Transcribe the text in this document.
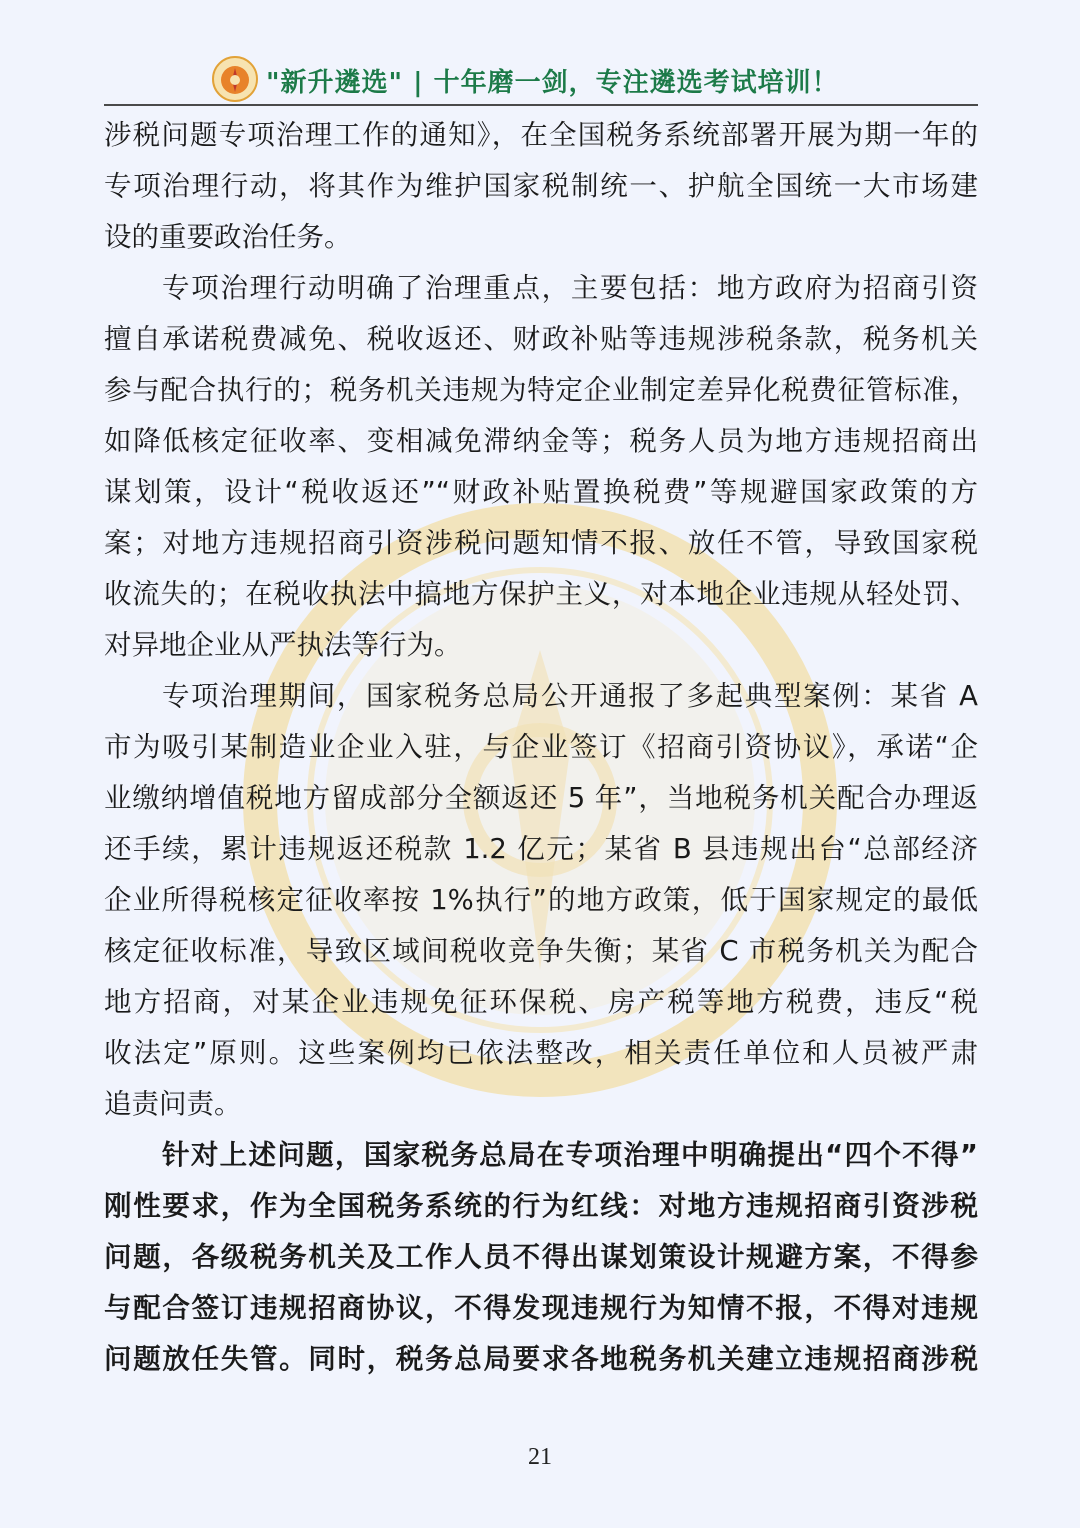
"新升遴选" | 十年磨一剑，专注遴选考试培训！
涉税问题专项治理工作的通知》，在全国税务系统部署开展为期一年的
专项治理行动，将其作为维护国家税制统一、护航全国统一大市场建
设的重要政治任务。
专项治理行动明确了治理重点，主要包括：地方政府为招商引资
擅自承诺税费减免、税收返还、财政补贴等违规涉税条款，税务机关
参与配合执行的；税务机关违规为特定企业制定差异化税费征管标准，
如降低核定征收率、变相减免滞纳金等；税务人员为地方违规招商出
谋划策，设计“税收返还”“财政补贴置换税费”等规避国家政策的方
案；对地方违规招商引资涉税问题知情不报、放任不管，导致国家税
收流失的；在税收执法中搞地方保护主义，对本地企业违规从轻处罚、
对异地企业从严执法等行为。
专项治理期间，国家税务总局公开通报了多起典型案例：某省 A
市为吸引某制造业企业入驻，与企业签订《招商引资协议》，承诺“企
业缴纳增值税地方留成部分全额返还 5 年”，当地税务机关配合办理返
还手续，累计违规返还税款 1.2 亿元；某省 B 县违规出台“总部经济
企业所得税核定征收率按 1%执行”的地方政策，低于国家规定的最低
核定征收标准，导致区域间税收竞争失衡；某省 C 市税务机关为配合
地方招商，对某企业违规免征环保税、房产税等地方税费，违反“税
收法定”原则。这些案例均已依法整改，相关责任单位和人员被严肃
追责问责。
针对上述问题，国家税务总局在专项治理中明确提出“四个不得”
刚性要求，作为全国税务系统的行为红线：对地方违规招商引资涉税
问题，各级税务机关及工作人员不得出谋划策设计规避方案，不得参
与配合签订违规招商协议，不得发现违规行为知情不报，不得对违规
问题放任失管。同时，税务总局要求各地税务机关建立违规招商涉税
21
